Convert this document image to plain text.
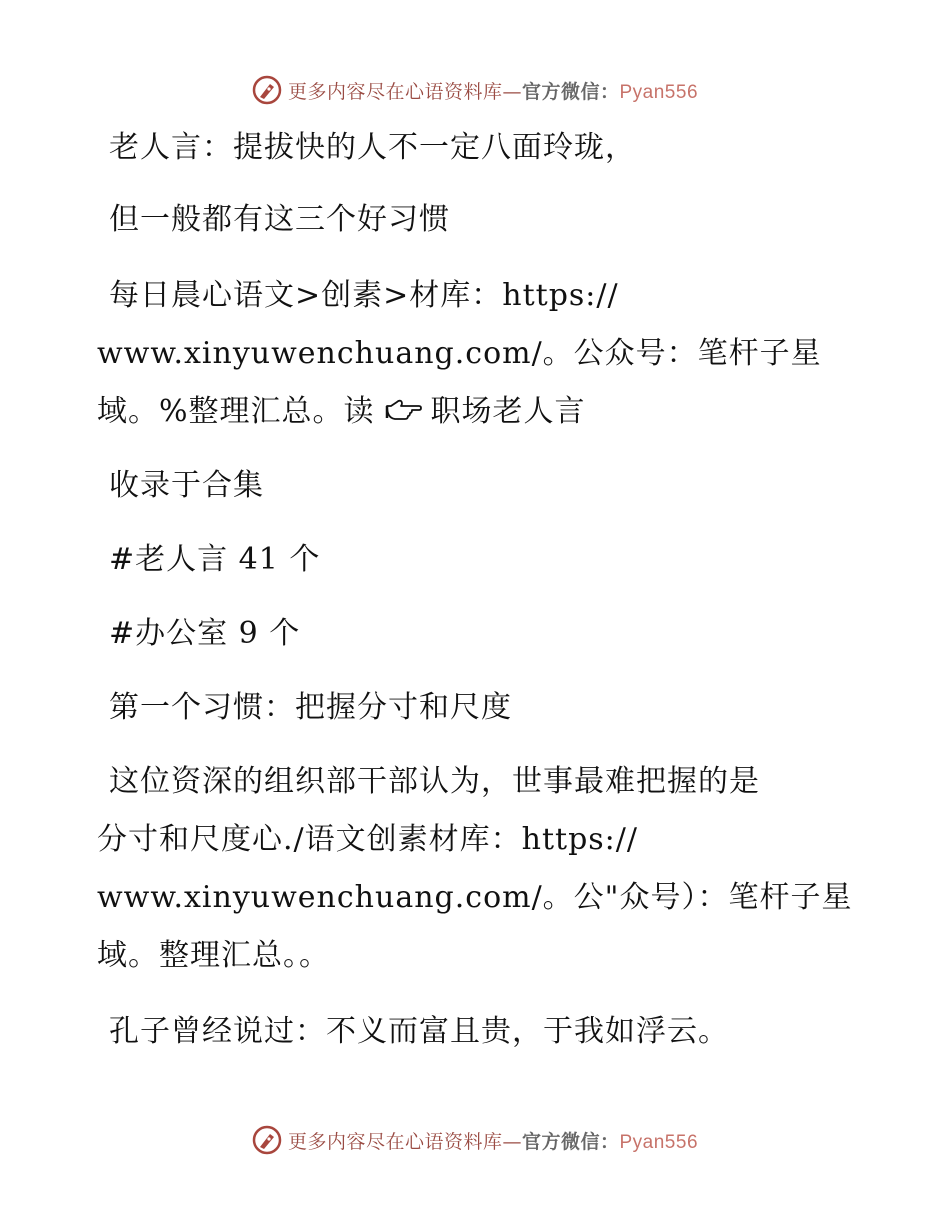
更多内容尽在心语资料库—官方微信：Pyan556
老人言：提拔快的人不一定八面玲珑，
但一般都有这三个好习惯
每日晨心语文>创素>材库：https://
www.xinyuwenchuang.com/。公众号：笔杆子星
域。%整理汇总。读 职场老人言
收录于合集
#老人言 41 个
#办公室 9 个
第一个习惯：把握分寸和尺度
这位资深的组织部干部认为，世事最难把握的是
分寸和尺度心./语文创素材库：https://
www.xinyuwenchuang.com/。公"众号）：笔杆子星
域。整理汇总。。
孔子曾经说过：不义而富且贵，于我如浮云。
更多内容尽在心语资料库—官方微信：Pyan556
